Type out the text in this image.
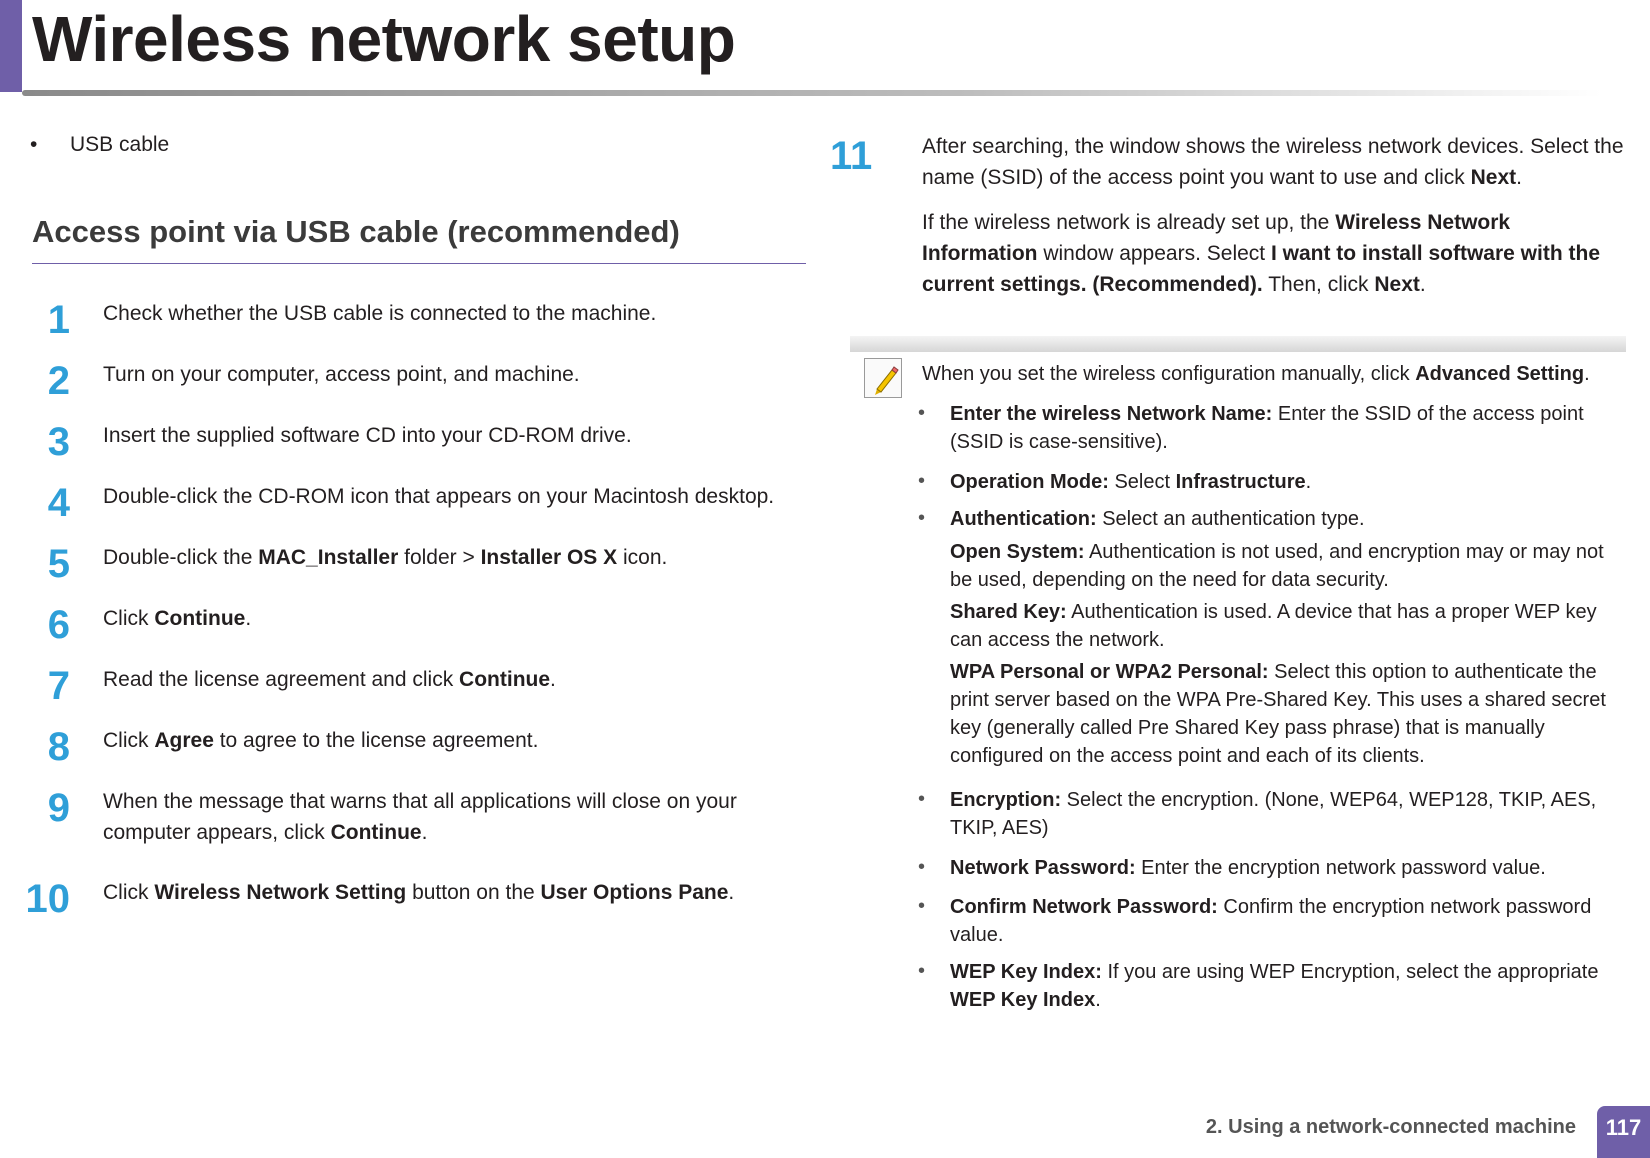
Wireless network setup
• USB cable
Access point via USB cable (recommended)
1 Check whether the USB cable is connected to the machine.
2 Turn on your computer, access point, and machine.
3 Insert the supplied software CD into your CD-ROM drive.
4 Double-click the CD-ROM icon that appears on your Macintosh desktop.
5 Double-click the MAC_Installer folder > Installer OS X icon.
6 Click Continue.
7 Read the license agreement and click Continue.
8 Click Agree to agree to the license agreement.
9 When the message that warns that all applications will close on your computer appears, click Continue.
10 Click Wireless Network Setting button on the User Options Pane.
11	After searching, the window shows the wireless network devices. Select the name (SSID) of the access point you want to use and click Next.
If the wireless network is already set up, the Wireless Network Information window appears. Select I want to install software with the current settings. (Recommended). Then, click Next.
When you set the wireless configuration manually, click Advanced Setting.
• Enter the wireless Network Name: Enter the SSID of the access point (SSID is case-sensitive).
• Operation Mode: Select Infrastructure.
• Authentication: Select an authentication type.
Open System: Authentication is not used, and encryption may or may not be used, depending on the need for data security.
Shared Key: Authentication is used. A device that has a proper WEP key can access the network.
WPA Personal or WPA2 Personal: Select this option to authenticate the print server based on the WPA Pre-Shared Key. This uses a shared secret key (generally called Pre Shared Key pass phrase) that is manually configured on the access point and each of its clients.
• Encryption: Select the encryption. (None, WEP64, WEP128, TKIP, AES, TKIP, AES)
• Network Password: Enter the encryption network password value.
• Confirm Network Password: Confirm the encryption network password value.
• WEP Key Index: If you are using WEP Encryption, select the appropriate WEP Key Index.
2. Using a network-connected machine	117
